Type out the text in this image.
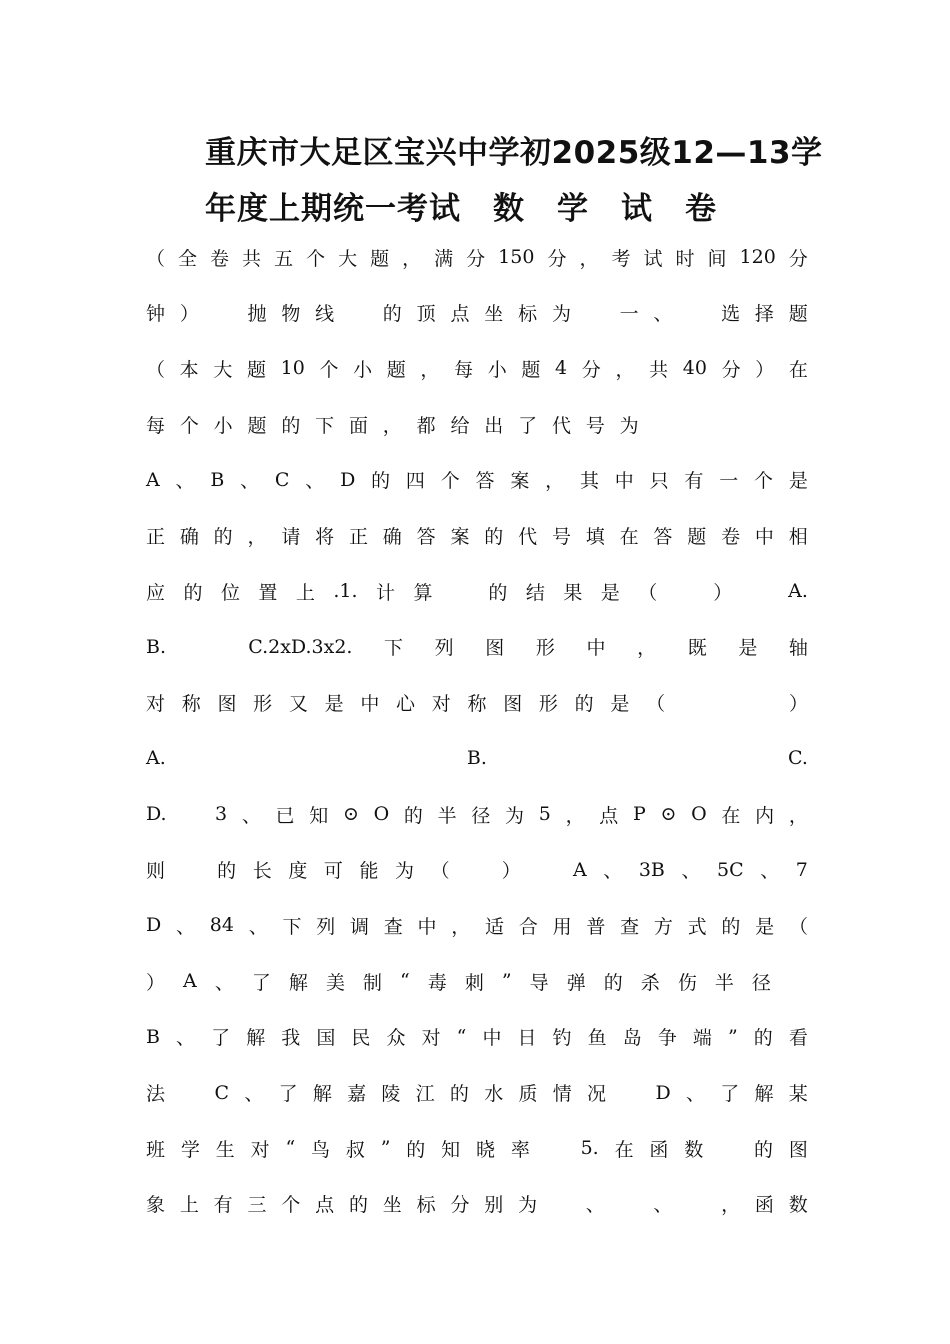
重庆市大足区宝兴中学初2025级12—13学
年度上期统一考试　数　学　试　卷
（ 全 卷 共 五 个 大 题 ， 满 分 150 分 ， 考 试 时 间 120 分
钟 ）
　	抛 物 线
　	的 顶 点 坐 标 为
　	一 、
　	选 择 题
（ 本 大 题 10 个 小 题 ， 每 小 题 4 分 ， 共 40 分 ） 在
每 个 小 题 的 下 面 ， 都 给 出 了 代 号 为

A 、 B 、 C 、 D 的 四 个 答 案 ， 其 中 只 有 一 个 是
正 确 的 ， 请 将 正 确 答 案 的 代 号 填 在 答 题 卷 中 相
应 的 位 置 上 .1. 计 算
　	的 结 果 是 （
　	）
　	A.
B.
　	C.2xD.3x2. 下 列 图 形 中 ， 既 是 轴
对 称 图 形 又 是 中 心 对 称 图 形 的 是 （

　	）
A.

　	B.

　	C.
D.
　	3 、 已 知 ⊙ O 的 半 径 为 5 ， 点 P ⊙ O 在 内 ，
则
　	的 长 度 可 能 为 （
　	）
　	A 、 3B 、 5C 、 7
D 、 84 、 下 列 调 查 中 ， 适 合 用 普 查 方 式 的 是 （
） A 、 了 解 美 制 “ 毒 刺 ” 导 弹 的 杀 伤 半 径

B 、 了 解 我 国 民 众 对 “ 中 日 钓 鱼 岛 争 端 ” 的 看
法
　	C 、 了 解 嘉 陵 江 的 水 质 情 况
　	D 、 了 解 某
班 学 生 对 “ 鸟 叔 ” 的 知 晓 率
　	5. 在 函 数
　	的 图
象 上 有 三 个 点 的 坐 标 分 别 为
　	、
　	、
　	， 函 数
